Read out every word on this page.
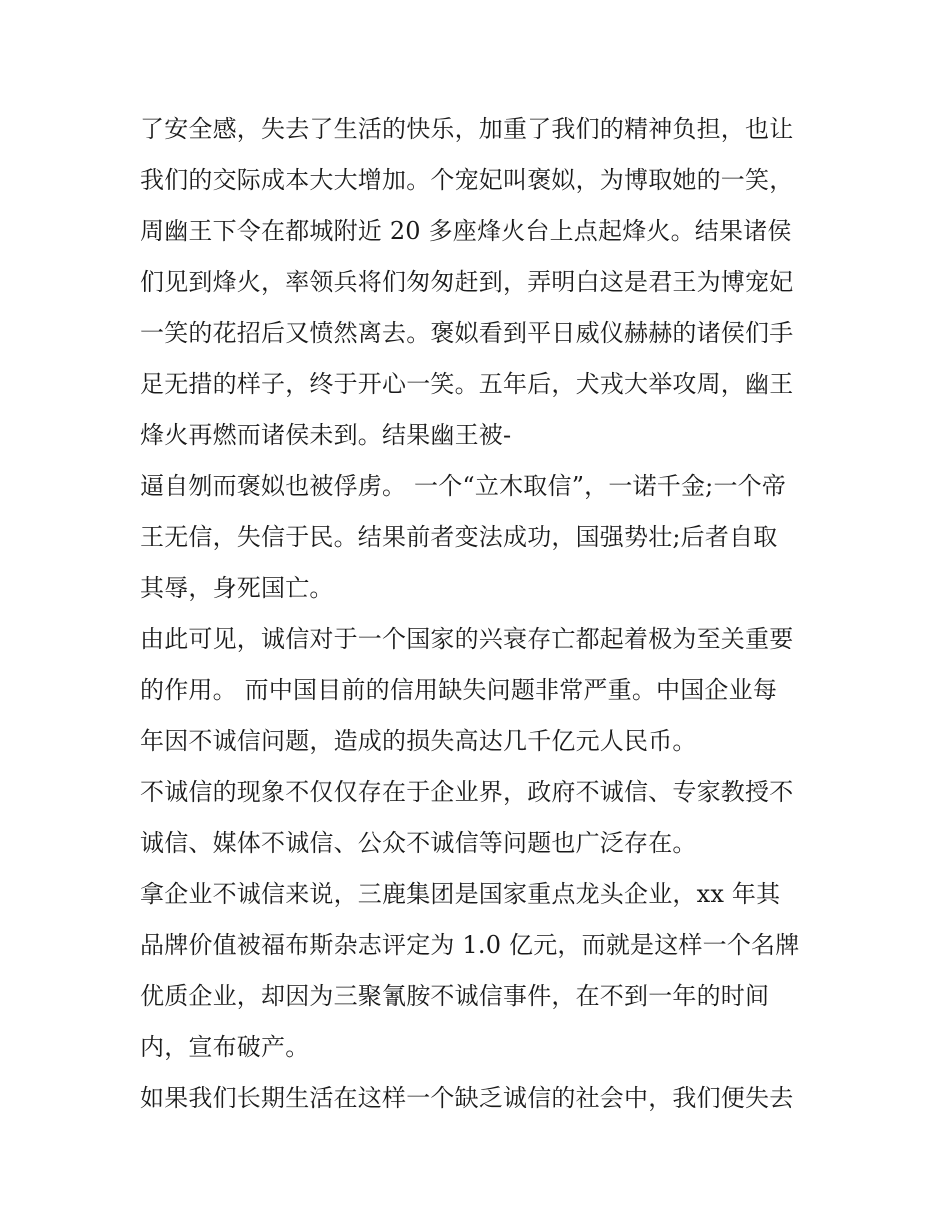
了安全感，失去了生活的快乐，加重了我们的精神负担，也让
我们的交际成本大大增加。个宠妃叫褒姒，为博取她的一笑，
周幽王下令在都城附近 20 多座烽火台上点起烽火。结果诸侯
们见到烽火，率领兵将们匆匆赶到，弄明白这是君王为博宠妃
一笑的花招后又愤然离去。褒姒看到平日威仪赫赫的诸侯们手
足无措的样子，终于开心一笑。五年后，犬戎大举攻周，幽王
烽火再燃而诸侯未到。结果幽王被-
逼自刎而褒姒也被俘虏。 一个“立木取信”，一诺千金;一个帝
王无信，失信于民。结果前者变法成功，国强势壮;后者自取
其辱，身死国亡。
由此可见，诚信对于一个国家的兴衰存亡都起着极为至关重要
的作用。 而中国目前的信用缺失问题非常严重。中国企业每
年因不诚信问题，造成的损失高达几千亿元人民币。
不诚信的现象不仅仅存在于企业界，政府不诚信、专家教授不
诚信、媒体不诚信、公众不诚信等问题也广泛存在。
拿企业不诚信来说，三鹿集团是国家重点龙头企业，xx 年其
品牌价值被福布斯杂志评定为 1.0 亿元，而就是这样一个名牌
优质企业，却因为三聚氰胺不诚信事件，在不到一年的时间
内，宣布破产。
如果我们长期生活在这样一个缺乏诚信的社会中，我们便失去
